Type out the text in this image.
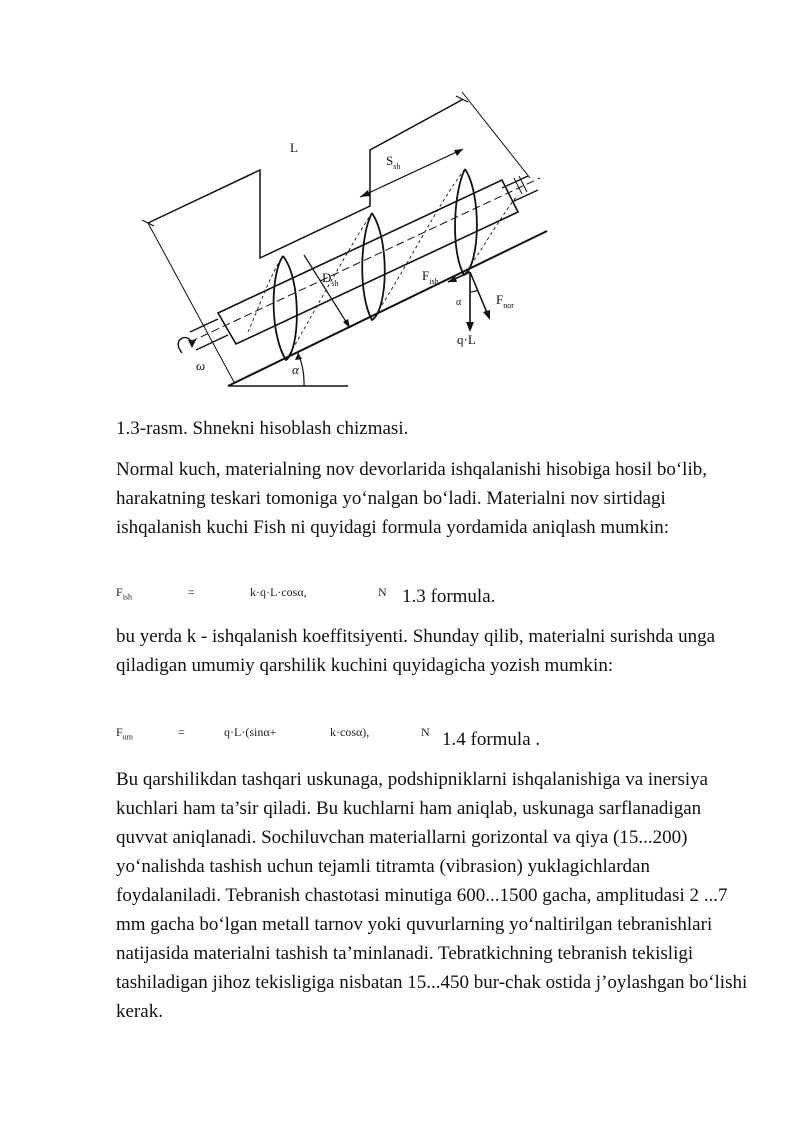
L
$S_{sh}$
$D_{sh}$
$F_{ish}$
α	$F_{nor}$
q·L
ω	α
1.3-rasm. Shnekni hisoblash chizmasi.

Normal kuch, materialning nov devorlarida ishqalanishi hisobiga hosil bo‘lib, harakatning teskari tomoniga yo‘nalgan bo‘ladi. Materialni nov sirtidagi ishqalanish kuchi Fish ni quyidagi formula yordamida aniqlash mumkin:

$F_{ish}$	=	k·q·L·cosα,	N 1.3 formula.

bu yerda k - ishqalanish koeffitsiyenti. Shunday qilib, materialni surishda unga qiladigan umumiy qarshilik kuchini quyidagicha yozish mumkin:

$F_{um}$	=	q·L·(sinα+	k·cosα),	N 1.4 formula .

Bu qarshilikdan tashqari uskunaga, podshipniklarni ishqalanishiga va inersiya kuchlari ham ta’sir qiladi. Bu kuchlarni ham aniqlab, uskunaga sarflanadigan quvvat aniqlanadi. Sochiluvchan materiallarni gorizontal va qiya (15...200) yo‘nalishda tashish uchun tejamli titramta (vibrasion) yuklagichlardan foydalaniladi. Tebranish chastotasi minutiga 600...1500 gacha, amplitudasi 2 ...7 mm gacha bo‘lgan metall tarnov yoki quvurlarning yo‘naltirilgan tebranishlari natijasida materialni tashish ta’minlanadi. Tebratkichning tebranish tekisligi tashiladigan jihoz tekisligiga nisbatan 15...450 bur-chak ostida j’oylashgan bo‘lishi kerak.
